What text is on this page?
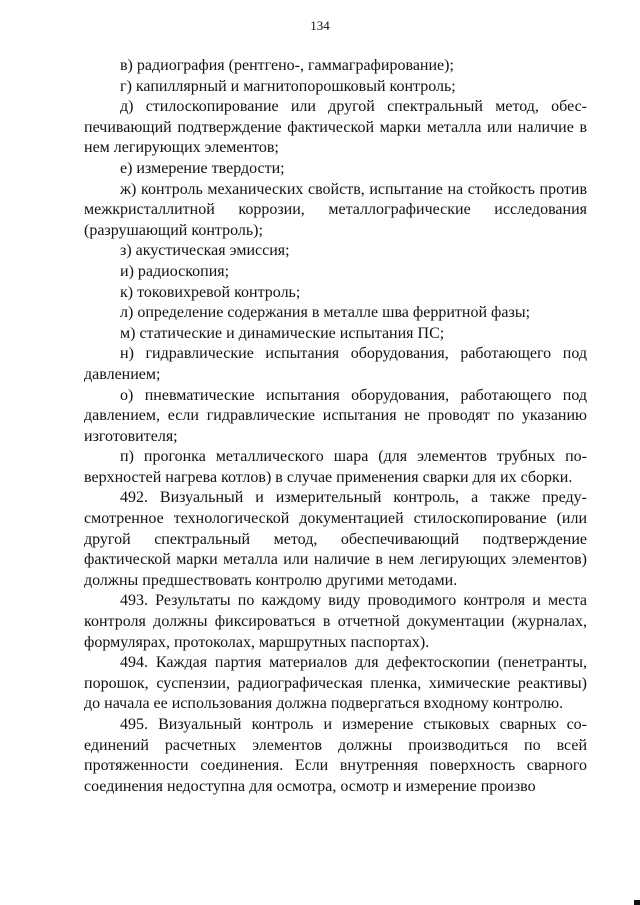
134

в) радиография (рентгено-, гаммаграфирование);

г) капиллярный и магнитопорошковый контроль;

д) стилоскопирование или другой спектральный метод, обеспечивающий подтверждение фактической марки металла или наличие в нем легирующих элементов;

е) измерение твердости;

ж) контроль механических свойств, испытание на стойкость против межкристаллитной коррозии, металлографические исследования (разрушающий контроль);

з) акустическая эмиссия;

и) радиоскопия;

к) токовихревой контроль;

л) определение содержания в металле шва ферритной фазы;

м) статические и динамические испытания ПС;

н) гидравлические испытания оборудования, работающего под давлением;

о) пневматические испытания оборудования, работающего под давлением, если гидравлические испытания не проводят по указанию изготовителя;

п) прогонка металлического шара (для элементов трубных поверхностей нагрева котлов) в случае применения сварки для их сборки.

492. Визуальный и измерительный контроль, а также предусмотренное технологической документацией стилоскопирование (или другой спектральный метод, обеспечивающий подтверждение фактической марки металла или наличие в нем легирующих элементов) должны предшествовать контролю другими методами.

493. Результаты по каждому виду проводимого контроля и места контроля должны фиксироваться в отчетной документации (журналах, формулярах, протоколах, маршрутных паспортах).

494. Каждая партия материалов для дефектоскопии (пенетранты, порошок, суспензии, радиографическая пленка, химические реактивы) до начала ее использования должна подвергаться входному контролю.

495. Визуальный контроль и измерение стыковых сварных соединений расчетных элементов должны производиться по всей протяженности соединения. Если внутренняя поверхность сварного соединения недоступна для осмотра, осмотр и измерение произво
